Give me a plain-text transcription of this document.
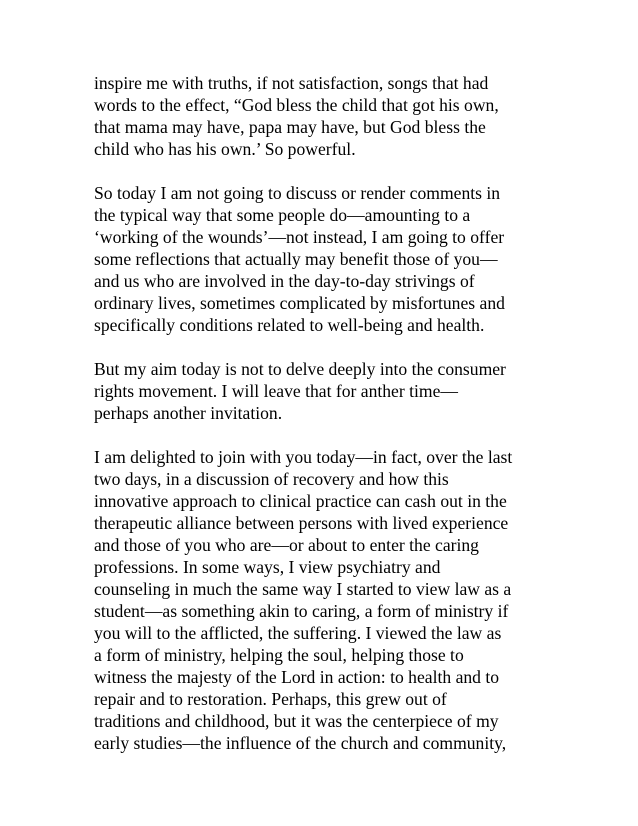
inspire me with truths, if not satisfaction, songs that had
words to the effect, “God bless the child that got his own,
that mama may have, papa may have, but God bless the
child who has his own.’ So powerful.

So today I am not going to discuss or render comments in
the typical way that some people do—amounting to a
‘working of the wounds’—not instead, I am going to offer
some reflections that actually may benefit those of you—
and us who are involved in the day-to-day strivings of
ordinary lives, sometimes complicated by misfortunes and
specifically conditions related to well-being and health.

But my aim today is not to delve deeply into the consumer
rights movement. I will leave that for anther time—
perhaps another invitation.

I am delighted to join with you today—in fact, over the last
two days, in a discussion of recovery and how this
innovative approach to clinical practice can cash out in the
therapeutic alliance between persons with lived experience
and those of you who are—or about to enter the caring
professions. In some ways, I view psychiatry and
counseling in much the same way I started to view law as a
student—as something akin to caring, a form of ministry if
you will to the afflicted, the suffering. I viewed the law as
a form of ministry, helping the soul, helping those to
witness the majesty of the Lord in action: to health and to
repair and to restoration. Perhaps, this grew out of
traditions and childhood, but it was the centerpiece of my
early studies—the influence of the church and community,
